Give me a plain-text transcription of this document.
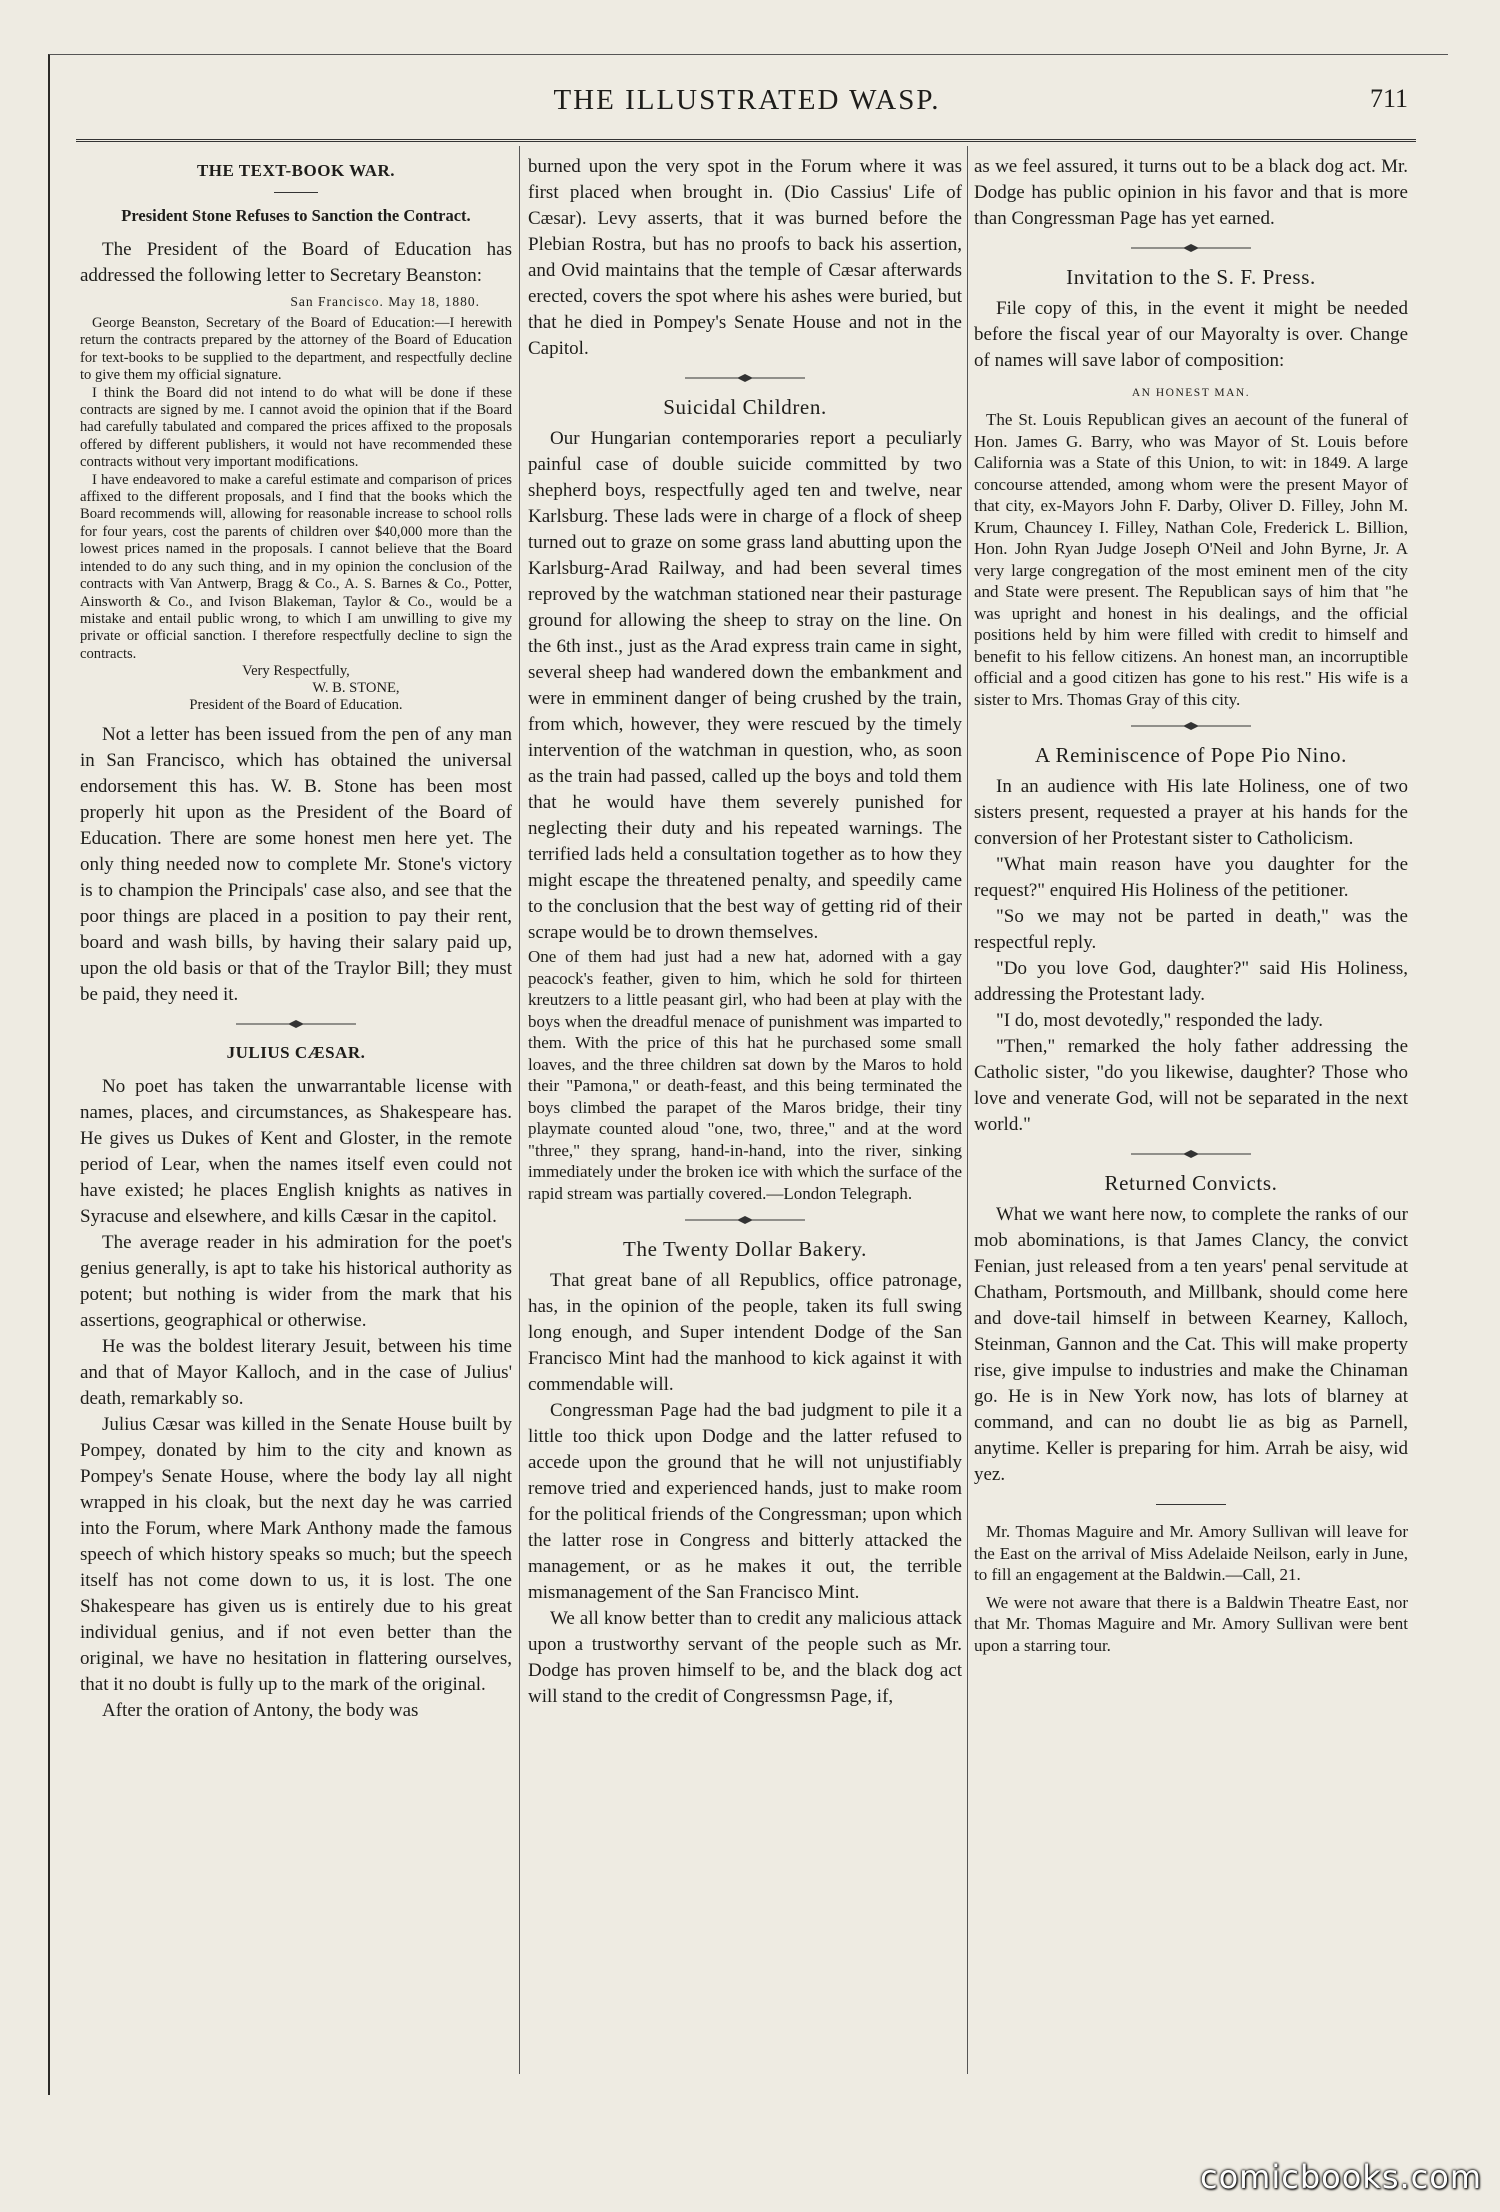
THE ILLUSTRATED WASP.	711

THE TEXT-BOOK WAR.

President Stone Refuses to Sanction the Contract.

The President of the Board of Education has addressed the following letter to Secretary Beanston:

San Francisco. May 18, 1880.

George Beanston, Secretary of the Board of Education:—I herewith return the contracts prepared by the attorney of the Board of Education for text-books to be supplied to the department, and respectfully decline to give them my official signature.

I think the Board did not intend to do what will be done if these contracts are signed by me. I cannot avoid the opinion that if the Board had carefully tabulated and compared the prices affixed to the proposals offered by different publishers, it would not have recommended these contracts without very important modifications.

I have endeavored to make a careful estimate and comparison of prices affixed to the different proposals, and I find that the books which the Board recommends will, allowing for reasonable increase to school rolls for four years, cost the parents of children over $40,000 more than the lowest prices named in the proposals. I cannot believe that the Board intended to do any such thing, and in my opinion the conclusion of the contracts with Van Antwerp, Bragg & Co., A. S. Barnes & Co., Potter, Ainsworth & Co., and Ivison Blakeman, Taylor & Co., would be a mistake and entail public wrong, to which I am unwilling to give my private or official sanction. I therefore respectfully decline to sign the contracts.

Very Respectfully,

W. B. STONE,

President of the Board of Education.

Not a letter has been issued from the pen of any man in San Francisco, which has obtained the universal endorsement this has. W. B. Stone has been most properly hit upon as the President of the Board of Education. There are some honest men here yet. The only thing needed now to complete Mr. Stone's victory is to champion the Principals' case also, and see that the poor things are placed in a position to pay their rent, board and wash bills, by having their salary paid up, upon the old basis or that of the Traylor Bill; they must be paid, they need it.

JULIUS CÆSAR.

No poet has taken the unwarrantable license with names, places, and circumstances, as Shakespeare has. He gives us Dukes of Kent and Gloster, in the remote period of Lear, when the names itself even could not have existed; he places English knights as natives in Syracuse and elsewhere, and kills Cæsar in the capitol.

The average reader in his admiration for the poet's genius generally, is apt to take his historical authority as potent; but nothing is wider from the mark that his assertions, geographical or otherwise.

He was the boldest literary Jesuit, between his time and that of Mayor Kalloch, and in the case of Julius' death, remarkably so.

Julius Cæsar was killed in the Senate House built by Pompey, donated by him to the city and known as Pompey's Senate House, where the body lay all night wrapped in his cloak, but the next day he was carried into the Forum, where Mark Anthony made the famous speech of which history speaks so much; but the speech itself has not come down to us, it is lost. The one Shakespeare has given us is entirely due to his great individual genius, and if not even better than the original, we have no hesitation in flattering ourselves, that it no doubt is fully up to the mark of the original.

After the oration of Antony, the body was

burned upon the very spot in the Forum where it was first placed when brought in. (Dio Cassius' Life of Cæsar). Levy asserts, that it was burned before the Plebian Rostra, but has no proofs to back his assertion, and Ovid maintains that the temple of Cæsar afterwards erected, covers the spot where his ashes were buried, but that he died in Pompey's Senate House and not in the Capitol.

Suicidal Children.

Our Hungarian contemporaries report a peculiarly painful case of double suicide committed by two shepherd boys, respectfully aged ten and twelve, near Karlsburg. These lads were in charge of a flock of sheep turned out to graze on some grass land abutting upon the Karlsburg-Arad Railway, and had been several times reproved by the watchman stationed near their pasturage ground for allowing the sheep to stray on the line. On the 6th inst., just as the Arad express train came in sight, several sheep had wandered down the embankment and were in emminent danger of being crushed by the train, from which, however, they were rescued by the timely intervention of the watchman in question, who, as soon as the train had passed, called up the boys and told them that he would have them severely punished for neglecting their duty and his repeated warnings. The terrified lads held a consultation together as to how they might escape the threatened penalty, and speedily came to the conclusion that the best way of getting rid of their scrape would be to drown themselves.

One of them had just had a new hat, adorned with a gay peacock's feather, given to him, which he sold for thirteen kreutzers to a little peasant girl, who had been at play with the boys when the dreadful menace of punishment was imparted to them. With the price of this hat he purchased some small loaves, and the three children sat down by the Maros to hold their "Pamona," or death-feast, and this being terminated the boys climbed the parapet of the Maros bridge, their tiny playmate counted aloud "one, two, three," and at the word "three," they sprang, hand-in-hand, into the river, sinking immediately under the broken ice with which the surface of the rapid stream was partially covered.—London Telegraph.

The Twenty Dollar Bakery.

That great bane of all Republics, office patronage, has, in the opinion of the people, taken its full swing long enough, and Super intendent Dodge of the San Francisco Mint had the manhood to kick against it with commendable will.

Congressman Page had the bad judgment to pile it a little too thick upon Dodge and the latter refused to accede upon the ground that he will not unjustifiably remove tried and experienced hands, just to make room for the political friends of the Congressman; upon which the latter rose in Congress and bitterly attacked the management, or as he makes it out, the terrible mismanagement of the San Francisco Mint.

We all know better than to credit any malicious attack upon a trustworthy servant of the people such as Mr. Dodge has proven himself to be, and the black dog act will stand to the credit of Congressmsn Page, if,

as we feel assured, it turns out to be a black dog act. Mr. Dodge has public opinion in his favor and that is more than Congressman Page has yet earned.

Invitation to the S. F. Press.

File copy of this, in the event it might be needed before the fiscal year of our Mayoralty is over. Change of names will save labor of composition:

AN HONEST MAN.

The St. Louis Republican gives an aecount of the funeral of Hon. James G. Barry, who was Mayor of St. Louis before California was a State of this Union, to wit: in 1849. A large concourse attended, among whom were the present Mayor of that city, ex-Mayors John F. Darby, Oliver D. Filley, John M. Krum, Chauncey I. Filley, Nathan Cole, Frederick L. Billion, Hon. John Ryan Judge Joseph O'Neil and John Byrne, Jr. A very large congregation of the most eminent men of the city and State were present. The Republican says of him that "he was upright and honest in his dealings, and the official positions held by him were filled with credit to himself and benefit to his fellow citizens. An honest man, an incorruptible official and a good citizen has gone to his rest." His wife is a sister to Mrs. Thomas Gray of this city.

A Reminiscence of Pope Pio Nino.

In an audience with His late Holiness, one of two sisters present, requested a prayer at his hands for the conversion of her Protestant sister to Catholicism.

"What main reason have you daughter for the request?" enquired His Holiness of the petitioner.

"So we may not be parted in death," was the respectful reply.

"Do you love God, daughter?" said His Holiness, addressing the Protestant lady.

"I do, most devotedly," responded the lady.

"Then," remarked the holy father addressing the Catholic sister, "do you likewise, daughter? Those who love and venerate God, will not be separated in the next world."

Returned Convicts.

What we want here now, to complete the ranks of our mob abominations, is that James Clancy, the convict Fenian, just released from a ten years' penal servitude at Chatham, Portsmouth, and Millbank, should come here and dove-tail himself in between Kearney, Kalloch, Steinman, Gannon and the Cat. This will make property rise, give impulse to industries and make the Chinaman go. He is in New York now, has lots of blarney at command, and can no doubt lie as big as Parnell, anytime. Keller is preparing for him. Arrah be aisy, wid yez.

Mr. Thomas Maguire and Mr. Amory Sullivan will leave for the East on the arrival of Miss Adelaide Neilson, early in June, to fill an engagement at the Baldwin.—Call, 21.

We were not aware that there is a Baldwin Theatre East, nor that Mr. Thomas Maguire and Mr. Amory Sullivan were bent upon a starring tour.

comicbooks.com
